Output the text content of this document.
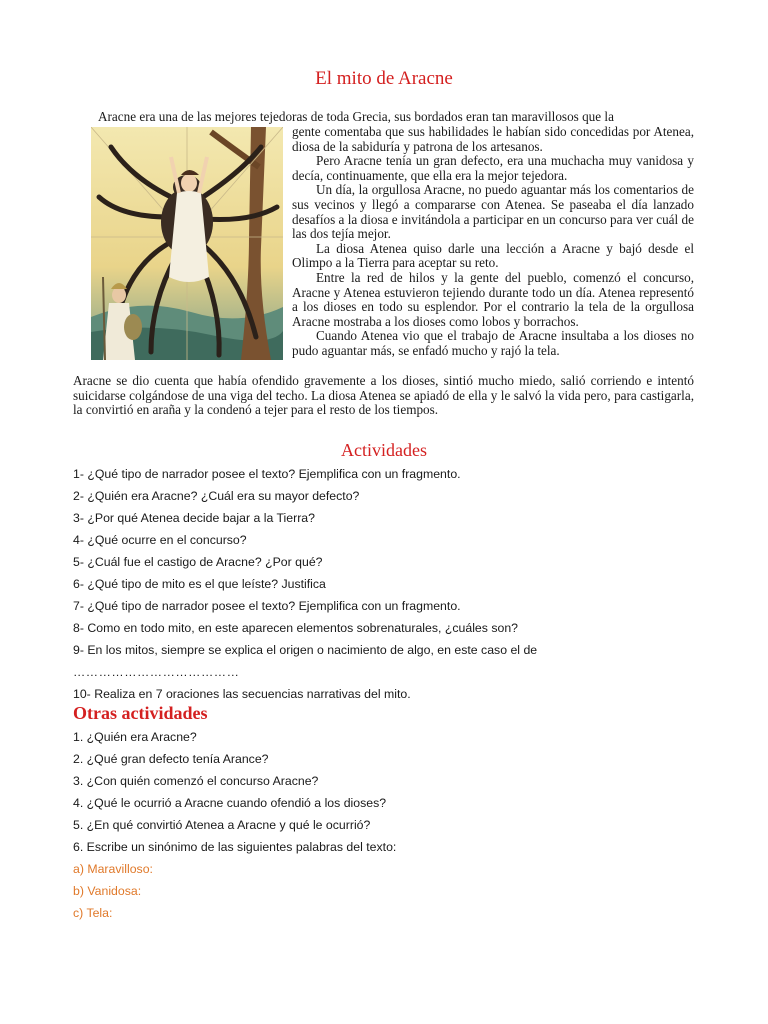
El mito de Aracne
Aracne era una de las mejores tejedoras de toda Grecia, sus bordados eran tan maravillosos que la

gente comentaba que sus habilidades le habían sido concedidas por Atenea, diosa de la sabiduría y patrona de los artesanos.

Pero Aracne tenía un gran defecto, era una muchacha muy vanidosa y decía, continuamente, que ella era la mejor tejedora.

Un día, la orgullosa Aracne, no puedo aguantar más los comentarios de sus vecinos y llegó a compararse con Atenea. Se paseaba el día lanzado desafíos a la diosa e invitándola a participar en un concurso para ver cuál de las dos tejía mejor.

La diosa Atenea quiso darle una lección a Aracne y bajó desde el Olimpo a la Tierra para aceptar su reto.

Entre la red de hilos y la gente del pueblo, comenzó el concurso, Aracne y Atenea estuvieron tejiendo durante todo un día. Atenea representó a los dioses en todo su esplendor. Por el contrario la tela de la orgullosa Aracne mostraba a los dioses como lobos y borrachos.

Cuando Atenea vio que el trabajo de Aracne insultaba a los dioses no pudo aguantar más, se enfadó mucho y rajó la tela.

Aracne se dio cuenta que había ofendido gravemente a los dioses, sintió mucho miedo, salió corriendo e intentó suicidarse colgándose de una viga del techo. La diosa Atenea se apiadó de ella y le salvó la vida pero, para castigarla, la convirtió en araña y la condenó a tejer para el resto de los tiempos.
Actividades
1- ¿Qué tipo de narrador posee el texto? Ejemplifica con un fragmento.
2- ¿Quién era Aracne? ¿Cuál era su mayor defecto?
3- ¿Por qué Atenea decide bajar a la Tierra?
4- ¿Qué ocurre en el concurso?
5- ¿Cuál fue el castigo de Aracne? ¿Por qué?
6- ¿Qué tipo de mito es el que leíste? Justifica
7- ¿Qué tipo de narrador posee el texto? Ejemplifica con un fragmento.
8- Como en todo mito, en este aparecen elementos sobrenaturales, ¿cuáles son?
9- En los mitos, siempre se explica el origen o nacimiento de algo, en este caso el de
…………………………………
10- Realiza en 7 oraciones las secuencias narrativas del mito.
Otras actividades
1. ¿Quién era Aracne?
2. ¿Qué gran defecto tenía Arance?
3. ¿Con quién comenzó el concurso Aracne?
4. ¿Qué le ocurrió a Aracne cuando ofendió a los dioses?
5. ¿En qué convirtió Atenea a Aracne y qué le ocurrió?
6. Escribe un sinónimo de las siguientes palabras del texto:
a) Maravilloso:
b) Vanidosa:
c) Tela:
